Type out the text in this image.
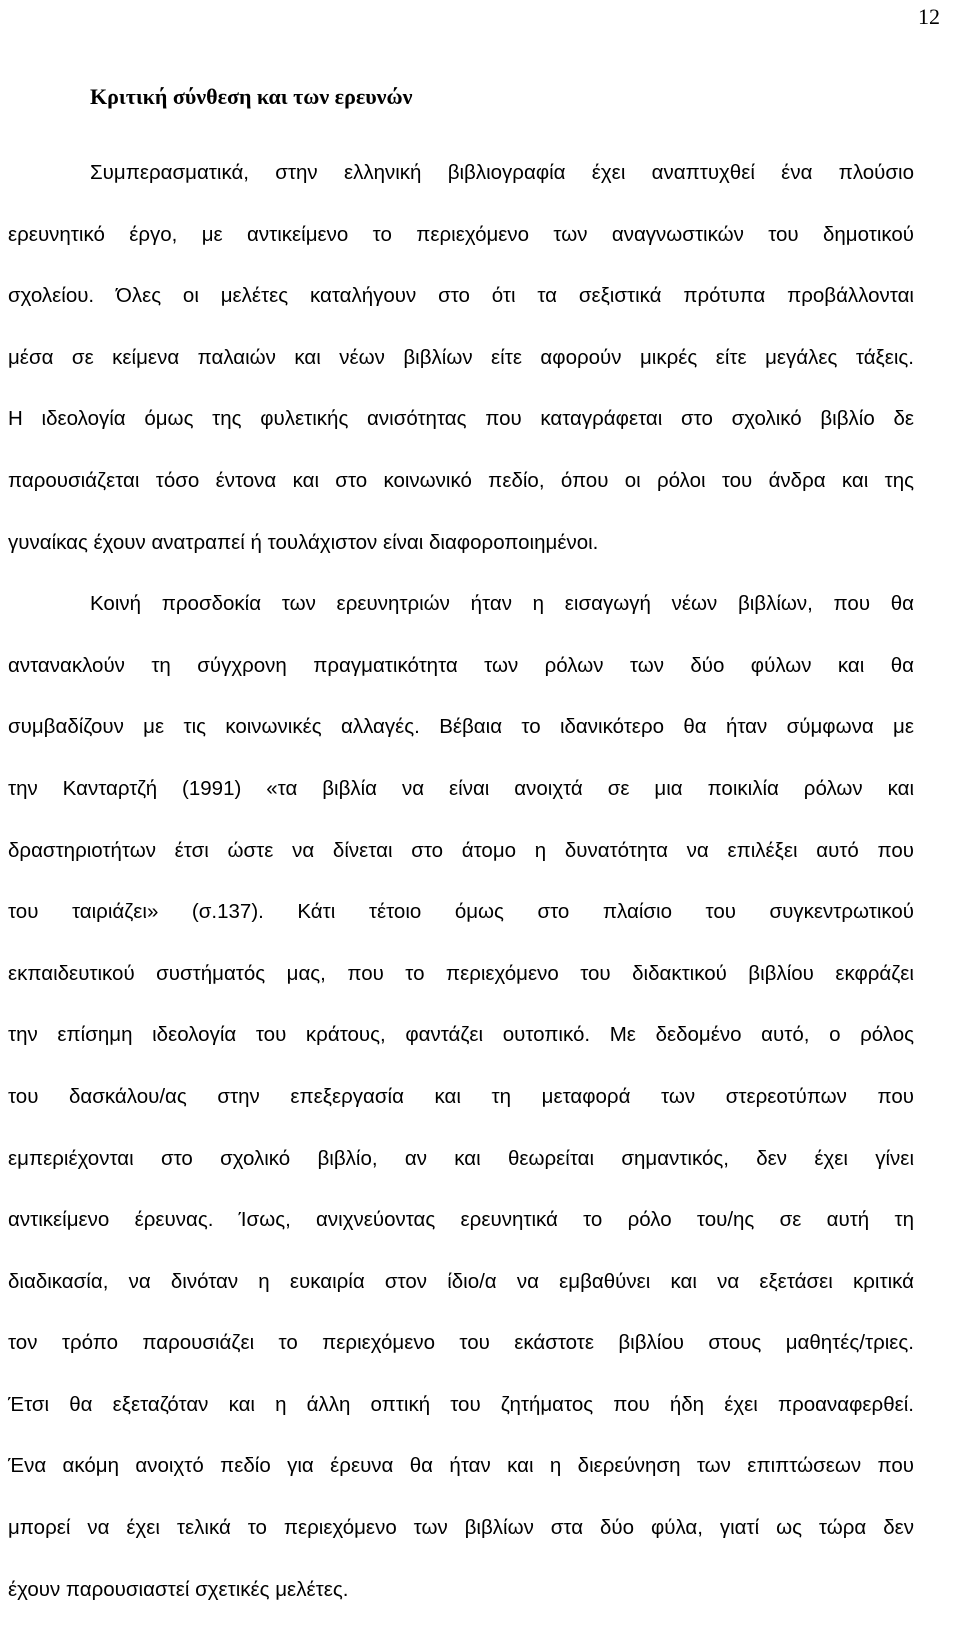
12
Κριτική σύνθεση και των ερευνών
Συμπερασματικά, στην ελληνική βιβλιογραφία έχει αναπτυχθεί ένα πλούσιο
ερευνητικό έργο, με αντικείμενο το περιεχόμενο των αναγνωστικών του δημοτικού
σχολείου. Όλες οι μελέτες καταλήγουν στο ότι τα σεξιστικά πρότυπα προβάλλονται
μέσα σε κείμενα παλαιών και νέων βιβλίων είτε αφορούν μικρές είτε μεγάλες τάξεις.
Η ιδεολογία όμως της φυλετικής ανισότητας που καταγράφεται στο σχολικό βιβλίο δε
παρουσιάζεται τόσο έντονα και στο κοινωνικό πεδίο, όπου οι ρόλοι του άνδρα και της
γυναίκας έχουν ανατραπεί ή τουλάχιστον είναι διαφοροποιημένοι.
Κοινή προσδοκία των ερευνητριών ήταν η εισαγωγή νέων βιβλίων, που θα
αντανακλούν τη σύγχρονη πραγματικότητα των ρόλων των δύο φύλων και θα
συμβαδίζουν με τις κοινωνικές αλλαγές. Βέβαια το ιδανικότερο θα ήταν σύμφωνα με
την Κανταρτζή (1991) «τα βιβλία να είναι ανοιχτά σε μια ποικιλία ρόλων και
δραστηριοτήτων έτσι ώστε να δίνεται στο άτομο η δυνατότητα να επιλέξει αυτό που
του ταιριάζει» (σ.137). Κάτι τέτοιο όμως στο πλαίσιο του συγκεντρωτικού
εκπαιδευτικού συστήματός μας, που το περιεχόμενο του διδακτικού βιβλίου εκφράζει
την επίσημη ιδεολογία του κράτους, φαντάζει ουτοπικό. Με δεδομένο αυτό, ο ρόλος
του δασκάλου/ας στην επεξεργασία και τη μεταφορά των στερεοτύπων που
εμπεριέχονται στο σχολικό βιβλίο, αν και θεωρείται σημαντικός, δεν έχει γίνει
αντικείμενο έρευνας. Ίσως, ανιχνεύοντας ερευνητικά το ρόλο του/ης σε αυτή τη
διαδικασία, να δινόταν η ευκαιρία στον ίδιο/α να εμβαθύνει και να εξετάσει κριτικά
τον τρόπο παρουσιάζει το περιεχόμενο του εκάστοτε βιβλίου στους μαθητές/τριες.
Έτσι θα εξεταζόταν και η άλλη οπτική του ζητήματος που ήδη έχει προαναφερθεί.
Ένα ακόμη ανοιχτό πεδίο για έρευνα θα ήταν και η διερεύνηση των επιπτώσεων που
μπορεί να έχει τελικά το περιεχόμενο των βιβλίων στα δύο φύλα, γιατί ως τώρα δεν
έχουν παρουσιαστεί σχετικές μελέτες.
